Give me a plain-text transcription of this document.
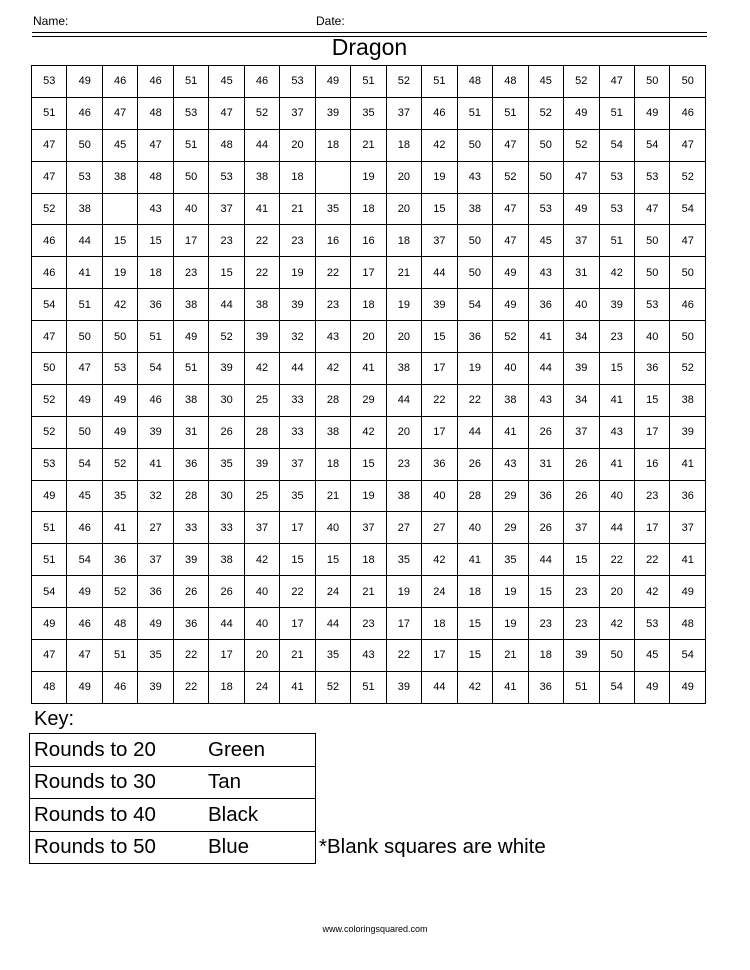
Name:	Date:
Dragon
53	49	46	46	51	45	46	53	49	51	52	51	48	48	45	52	47	50	50
51	46	47	48	53	47	52	37	39	35	37	46	51	51	52	49	51	49	46
47	50	45	47	51	48	44	20	18	21	18	42	50	47	50	52	54	54	47
47	53	38	48	50	53	38	18		19	20	19	43	52	50	47	53	53	52
52	38		43	40	37	41	21	35	18	20	15	38	47	53	49	53	47	54
46	44	15	15	17	23	22	23	16	16	18	37	50	47	45	37	51	50	47
46	41	19	18	23	15	22	19	22	17	21	44	50	49	43	31	42	50	50
54	51	42	36	38	44	38	39	23	18	19	39	54	49	36	40	39	53	46
47	50	50	51	49	52	39	32	43	20	20	15	36	52	41	34	23	40	50
50	47	53	54	51	39	42	44	42	41	38	17	19	40	44	39	15	36	52
52	49	49	46	38	30	25	33	28	29	44	22	22	38	43	34	41	15	38
52	50	49	39	31	26	28	33	38	42	20	17	44	41	26	37	43	17	39
53	54	52	41	36	35	39	37	18	15	23	36	26	43	31	26	41	16	41
49	45	35	32	28	30	25	35	21	19	38	40	28	29	36	26	40	23	36
51	46	41	27	33	33	37	17	40	37	27	27	40	29	26	37	44	17	37
51	54	36	37	39	38	42	15	15	18	35	42	41	35	44	15	22	22	41
54	49	52	36	26	26	40	22	24	21	19	24	18	19	15	23	20	42	49
49	46	48	49	36	44	40	17	44	23	17	18	15	19	23	23	42	53	48
47	47	51	35	22	17	20	21	35	43	22	17	15	21	18	39	50	45	54
48	49	46	39	22	18	24	41	52	51	39	44	42	41	36	51	54	49	49
Key:
Rounds to 20	Green
Rounds to 30	Tan
Rounds to 40	Black
Rounds to 50	Blue	*Blank squares are white
www.coloringsquared.com
